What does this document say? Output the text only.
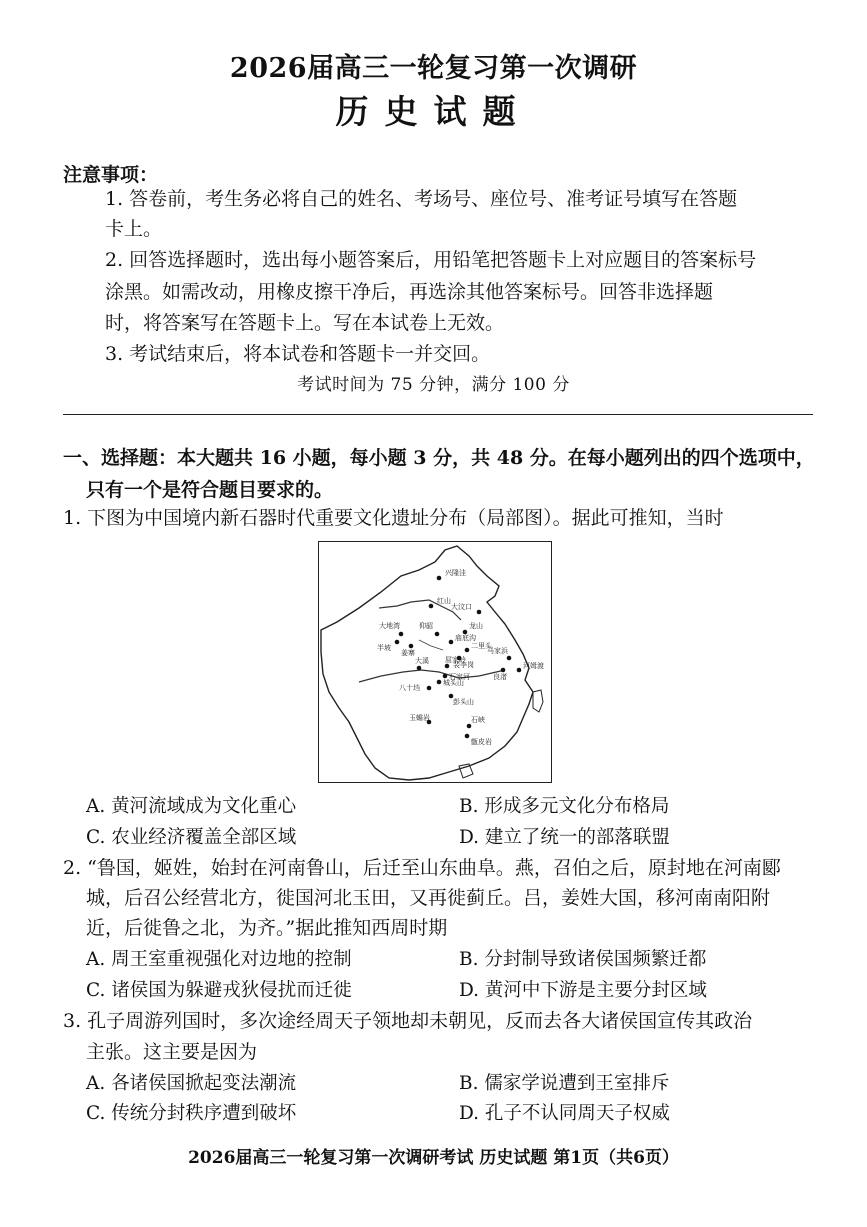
2026届高三一轮复习第一次调研
历史试题
注意事项：
1. 答卷前，考生务必将自己的姓名、考场号、座位号、准考证号填写在答题
卡上。
2. 回答选择题时，选出每小题答案后，用铅笔把答题卡上对应题目的答案标号
涂黑。如需改动，用橡皮擦干净后，再选涂其他答案标号。回答非选择题
时，将答案写在答题卡上。写在本试卷上无效。
3. 考试结束后，将本试卷和答题卡一并交回。
考试时间为 75 分钟，满分 100 分
一、选择题：本大题共 16 小题，每小题 3 分，共 48 分。在每小题列出的四个选项中，
只有一个是符合题目要求的。
1. 下图为中国境内新石器时代重要文化遗址分布（局部图）。据此可推知，当时
兴隆洼
红山
大汶口
大地湾	仰韶	龙山
半坡
姜寨
庙底沟
二里头
裴李岗
马家浜
良渚
河姆渡
大溪 屈家岭
石家河
城头山
八十垱
彭头山
玉蟾岩	石峡
甑皮岩
A. 黄河流域成为文化重心	B. 形成多元文化分布格局
C. 农业经济覆盖全部区域	D. 建立了统一的部落联盟
2. “鲁国，姬姓，始封在河南鲁山，后迁至山东曲阜。燕，召伯之后，原封地在河南郾
城，后召公经营北方，徙国河北玉田，又再徙蓟丘。吕，姜姓大国，移河南南阳附
近，后徙鲁之北，为齐。”据此推知西周时期
A. 周王室重视强化对边地的控制	B. 分封制导致诸侯国频繁迁都
C. 诸侯国为躲避戎狄侵扰而迁徙	D. 黄河中下游是主要分封区域
3. 孔子周游列国时，多次途经周天子领地却未朝见，反而去各大诸侯国宣传其政治
主张。这主要是因为
A. 各诸侯国掀起变法潮流	B. 儒家学说遭到王室排斥
C. 传统分封秩序遭到破坏	D. 孔子不认同周天子权威
2026届高三一轮复习第一次调研考试 历史试题 第1页（共6页）
